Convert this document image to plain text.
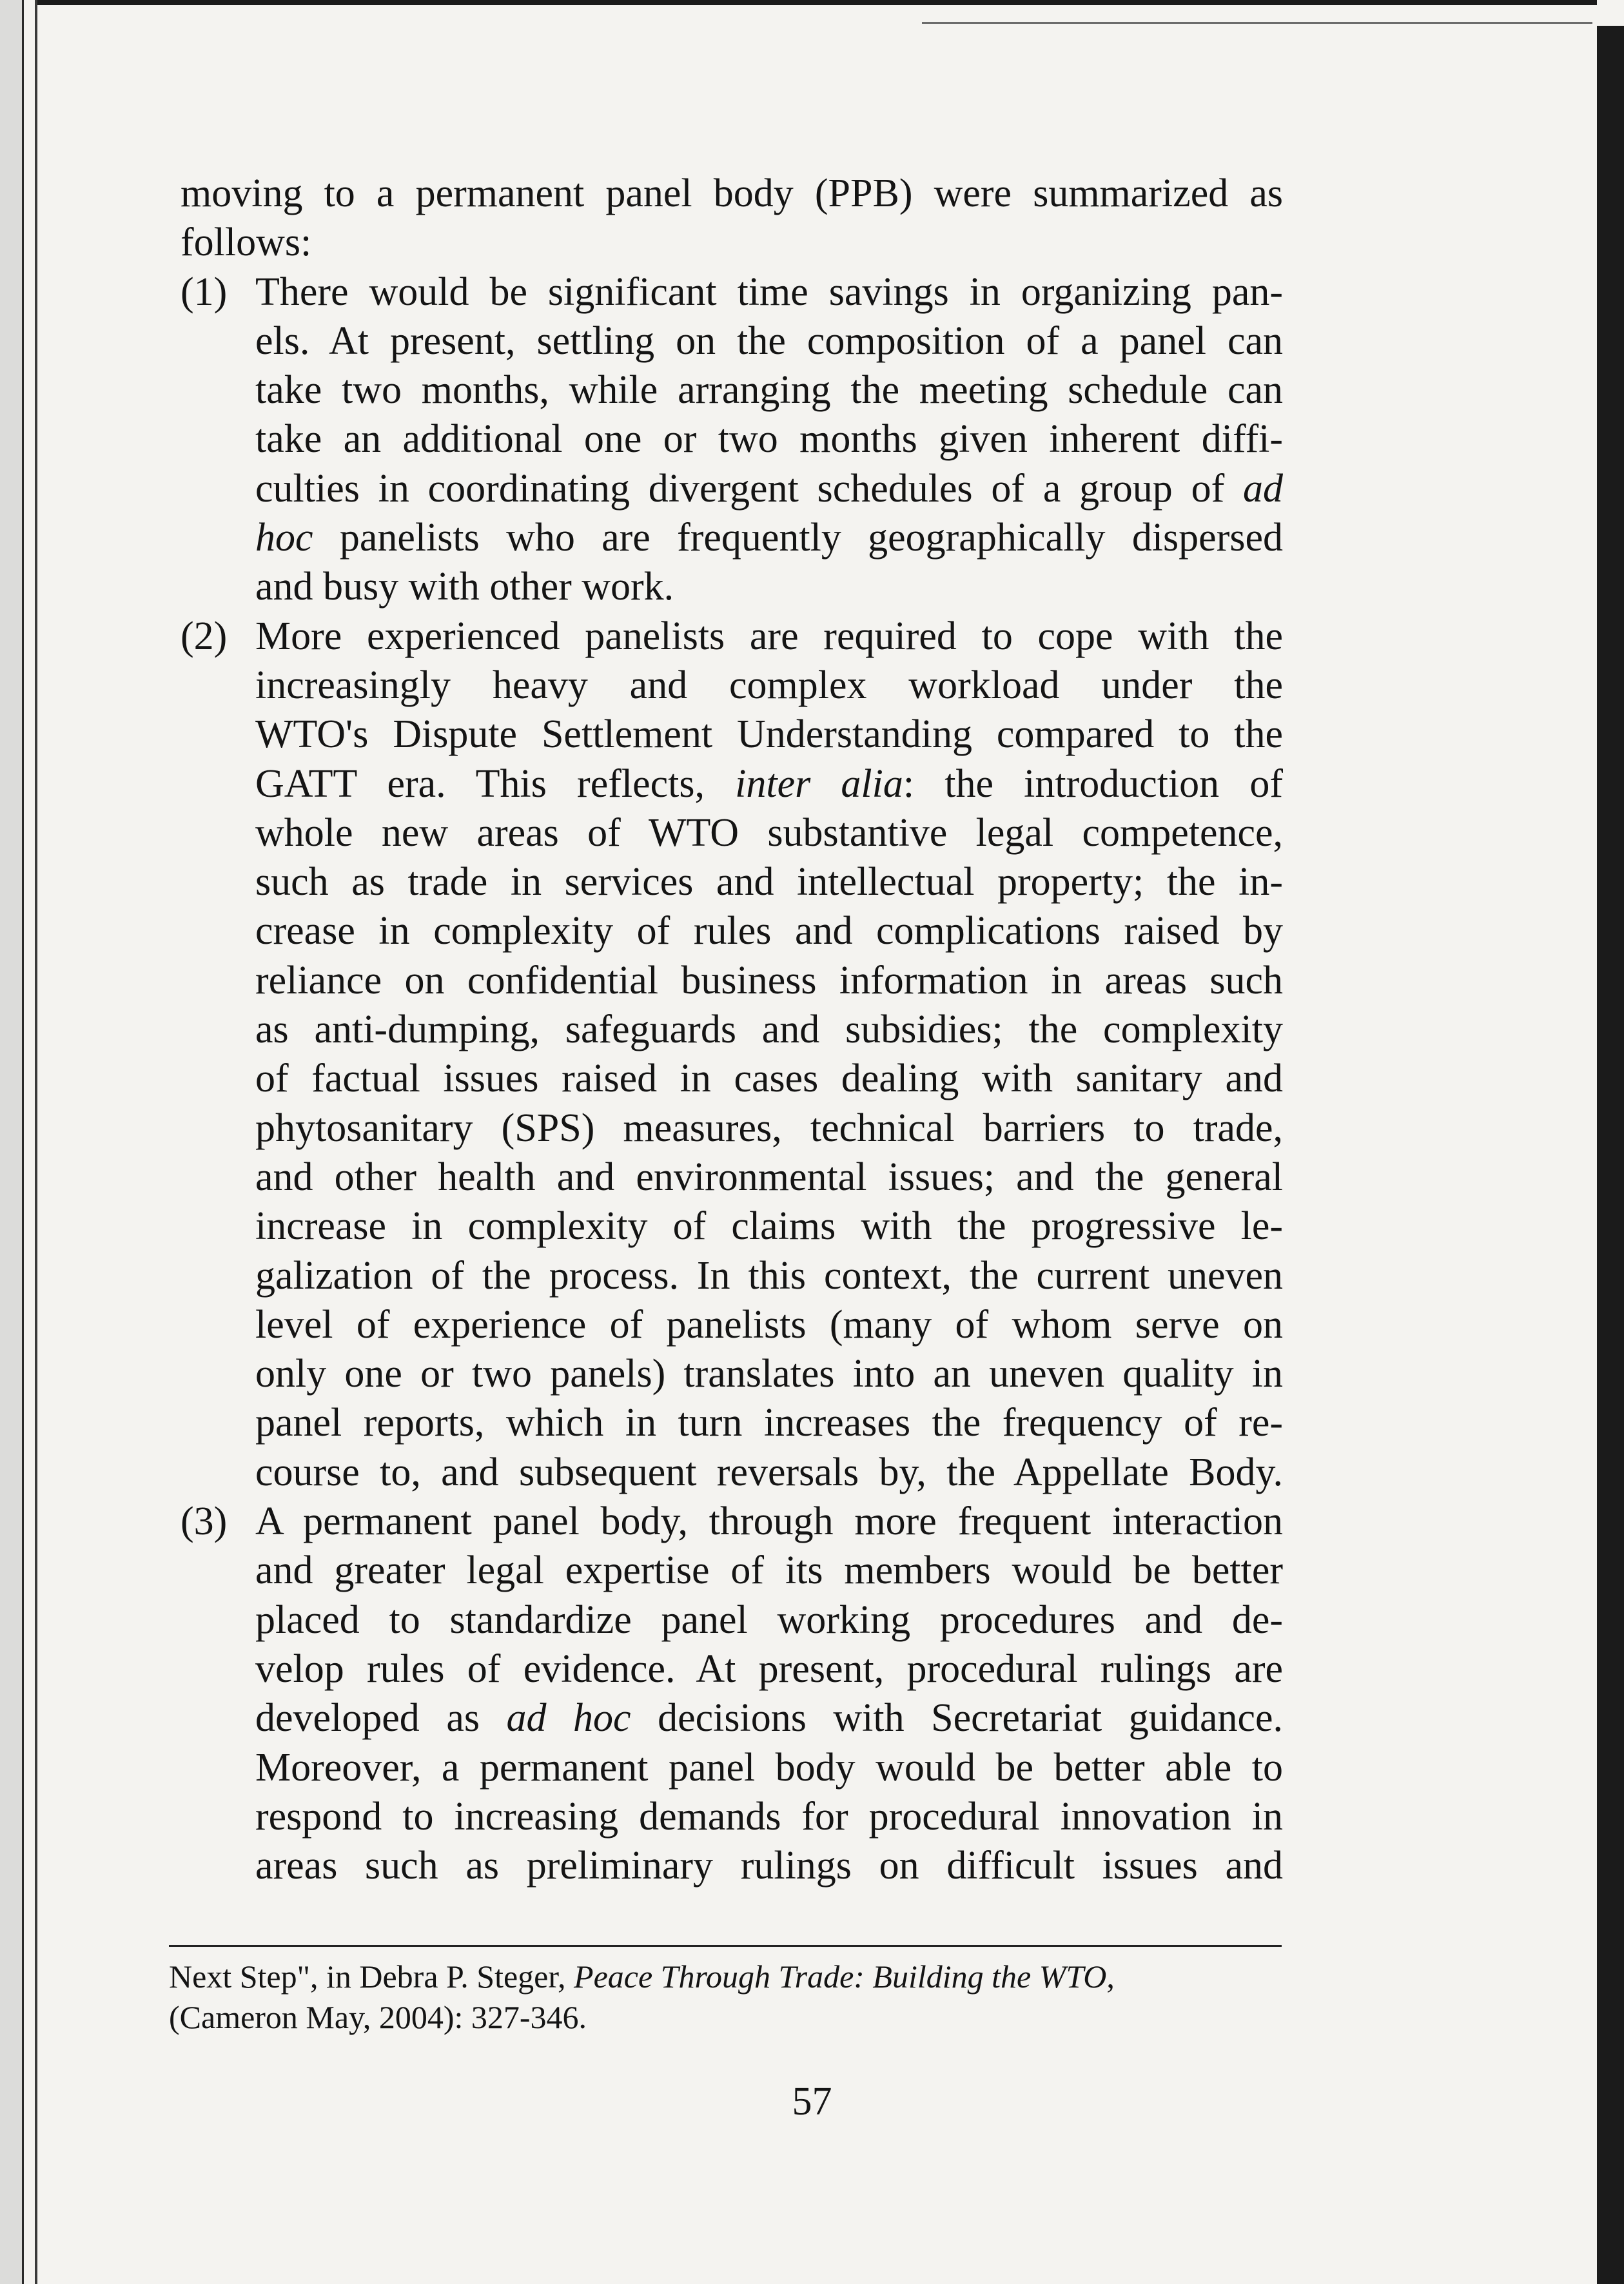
moving to a permanent panel body (PPB) were summarized as
follows:
(1) There would be significant time savings in organizing pan-
els. At present, settling on the composition of a panel can
take two months, while arranging the meeting schedule can
take an additional one or two months given inherent diffi-
culties in coordinating divergent schedules of a group of ad
hoc panelists who are frequently geographically dispersed
and busy with other work.
(2) More experienced panelists are required to cope with the
increasingly heavy and complex workload under the
WTO's Dispute Settlement Understanding compared to the
GATT era. This reflects, inter alia: the introduction of
whole new areas of WTO substantive legal competence,
such as trade in services and intellectual property; the in-
crease in complexity of rules and complications raised by
reliance on confidential business information in areas such
as anti-dumping, safeguards and subsidies; the complexity
of factual issues raised in cases dealing with sanitary and
phytosanitary (SPS) measures, technical barriers to trade,
and other health and environmental issues; and the general
increase in complexity of claims with the progressive le-
galization of the process. In this context, the current uneven
level of experience of panelists (many of whom serve on
only one or two panels) translates into an uneven quality in
panel reports, which in turn increases the frequency of re-
course to, and subsequent reversals by, the Appellate Body.
(3) A permanent panel body, through more frequent interaction
and greater legal expertise of its members would be better
placed to standardize panel working procedures and de-
velop rules of evidence. At present, procedural rulings are
developed as ad hoc decisions with Secretariat guidance.
Moreover, a permanent panel body would be better able to
respond to increasing demands for procedural innovation in
areas such as preliminary rulings on difficult issues and
Next Step", in Debra P. Steger, Peace Through Trade: Building the WTO,
(Cameron May, 2004): 327-346.
57
